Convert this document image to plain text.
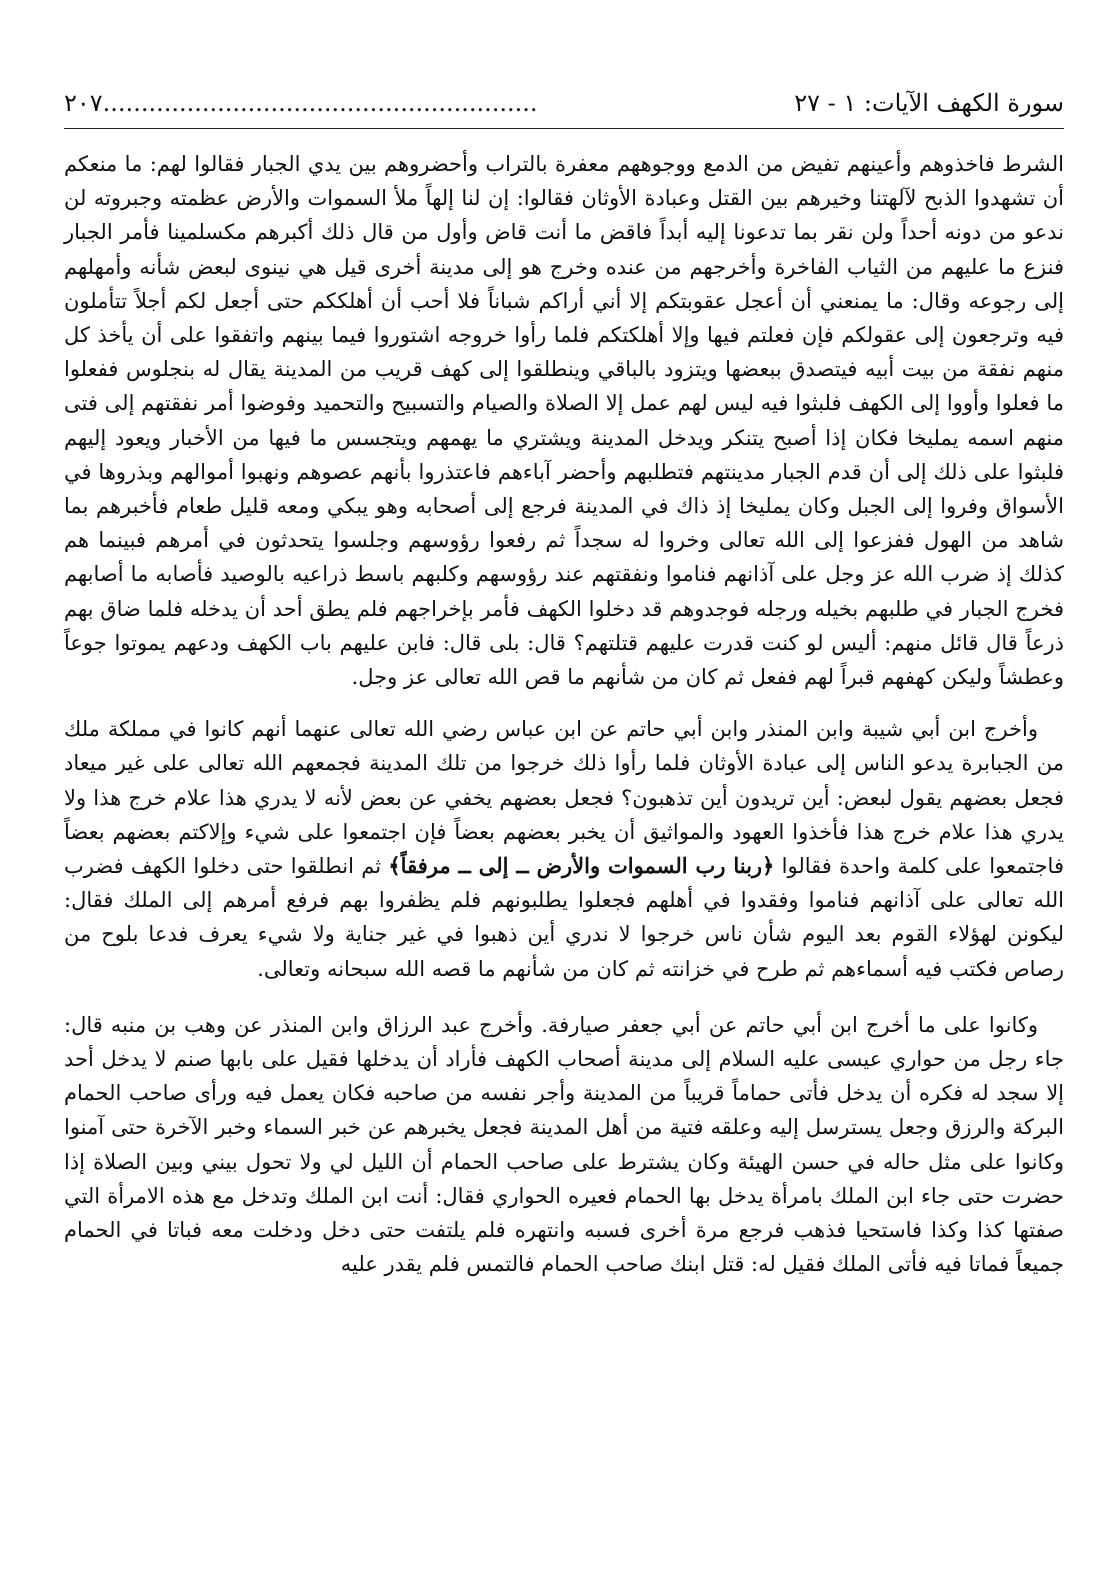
سورة الكهف الآيات: ١ - ٢٧
.........................................................٢٠٧

الشرط فاخذوهم وأعينهم تفيض من الدمع ووجوههم معفرة بالتراب وأحضروهم بين يدي الجبار فقالوا لهم: ما منعكم أن تشهدوا الذبح لآلهتنا وخيرهم بين القتل وعبادة الأوثان فقالوا: إن لنا إلهاً ملأ السموات والأرض عظمته وجبروته لن ندعو من دونه أحداً ولن نقر بما تدعونا إليه أبداً فاقض ما أنت قاض وأول من قال ذلك أكبرهم مكسلمينا فأمر الجبار فنزع ما عليهم من الثياب الفاخرة وأخرجهم من عنده وخرج هو إلى مدينة أخرى قيل هي نينوى لبعض شأنه وأمهلهم إلى رجوعه وقال: ما يمنعني أن أعجل عقوبتكم إلا أني أراكم شباناً فلا أحب أن أهلككم حتى أجعل لكم أجلاً تتأملون فيه وترجعون إلى عقولكم فإن فعلتم فيها وإلا أهلكتكم فلما رأوا خروجه اشتوروا فيما بينهم واتفقوا على أن يأخذ كل منهم نفقة من بيت أبيه فيتصدق ببعضها ويتزود بالباقي وينطلقوا إلى كهف قريب من المدينة يقال له بنجلوس ففعلوا ما فعلوا وأووا إلى الكهف فلبثوا فيه ليس لهم عمل إلا الصلاة والصيام والتسبيح والتحميد وفوضوا أمر نفقتهم إلى فتى منهم اسمه يمليخا فكان إذا أصبح يتنكر ويدخل المدينة ويشتري ما يهمهم ويتجسس ما فيها من الأخبار ويعود إليهم فلبثوا على ذلك إلى أن قدم الجبار مدينتهم فتطلبهم وأحضر آباءهم فاعتذروا بأنهم عصوهم ونهبوا أموالهم وبذروها في الأسواق وفروا إلى الجبل وكان يمليخا إذ ذاك في المدينة فرجع إلى أصحابه وهو يبكي ومعه قليل طعام فأخبرهم بما شاهد من الهول ففزعوا إلى الله تعالى وخروا له سجداً ثم رفعوا رؤوسهم وجلسوا يتحدثون في أمرهم فبينما هم كذلك إذ ضرب الله عز وجل على آذانهم فناموا ونفقتهم عند رؤوسهم وكلبهم باسط ذراعيه بالوصيد فأصابه ما أصابهم فخرج الجبار في طلبهم بخيله ورجله فوجدوهم قد دخلوا الكهف فأمر بإخراجهم فلم يطق أحد أن يدخله فلما ضاق بهم ذرعاً قال قائل منهم: أليس لو كنت قدرت عليهم قتلتهم؟ قال: بلى قال: فابن عليهم باب الكهف ودعهم يموتوا جوعاً وعطشاً وليكن كهفهم قبراً لهم ففعل ثم كان من شأنهم ما قص الله تعالى عز وجل.

وأخرج ابن أبي شيبة وابن المنذر وابن أبي حاتم عن ابن عباس رضي الله تعالى عنهما أنهم كانوا في مملكة ملك من الجبابرة يدعو الناس إلى عبادة الأوثان فلما رأوا ذلك خرجوا من تلك المدينة فجمعهم الله تعالى على غير ميعاد فجعل بعضهم يقول لبعض: أين تريدون أين تذهبون؟ فجعل بعضهم يخفي عن بعض لأنه لا يدري هذا علام خرج هذا ولا يدري هذا علام خرج هذا فأخذوا العهود والمواثيق أن يخبر بعضهم بعضاً فإن اجتمعوا على شيء وإلاكتم بعضهم بعضاً فاجتمعوا على كلمة واحدة فقالوا ﴿ربنا رب السموات والأرض ــ إلى ــ مرفقاً﴾ ثم انطلقوا حتى دخلوا الكهف فضرب الله تعالى على آذانهم فناموا وفقدوا في أهلهم فجعلوا يطلبونهم فلم يظفروا بهم فرفع أمرهم إلى الملك فقال: ليكونن لهؤلاء القوم بعد اليوم شأن ناس خرجوا لا ندري أين ذهبوا في غير جناية ولا شيء يعرف فدعا بلوح من رصاص فكتب فيه أسماءهم ثم طرح في خزانته ثم كان من شأنهم ما قصه الله سبحانه وتعالى.

وكانوا على ما أخرج ابن أبي حاتم عن أبي جعفر صيارفة. وأخرج عبد الرزاق وابن المنذر عن وهب بن منبه قال: جاء رجل من حواري عيسى عليه السلام إلى مدينة أصحاب الكهف فأراد أن يدخلها فقيل على بابها صنم لا يدخل أحد إلا سجد له فكره أن يدخل فأتى حماماً قريباً من المدينة وأجر نفسه من صاحبه فكان يعمل فيه ورأى صاحب الحمام البركة والرزق وجعل يسترسل إليه وعلقه فتية من أهل المدينة فجعل يخبرهم عن خبر السماء وخبر الآخرة حتى آمنوا وكانوا على مثل حاله في حسن الهيئة وكان يشترط على صاحب الحمام أن الليل لي ولا تحول بيني وبين الصلاة إذا حضرت حتى جاء ابن الملك بامرأة يدخل بها الحمام فعيره الحواري فقال: أنت ابن الملك وتدخل مع هذه الامرأة التي صفتها كذا وكذا فاستحيا فذهب فرجع مرة أخرى فسبه وانتهره فلم يلتفت حتى دخل ودخلت معه فباتا في الحمام جميعاً فماتا فيه فأتى الملك فقيل له: قتل ابنك صاحب الحمام فالتمس فلم يقدر عليه
